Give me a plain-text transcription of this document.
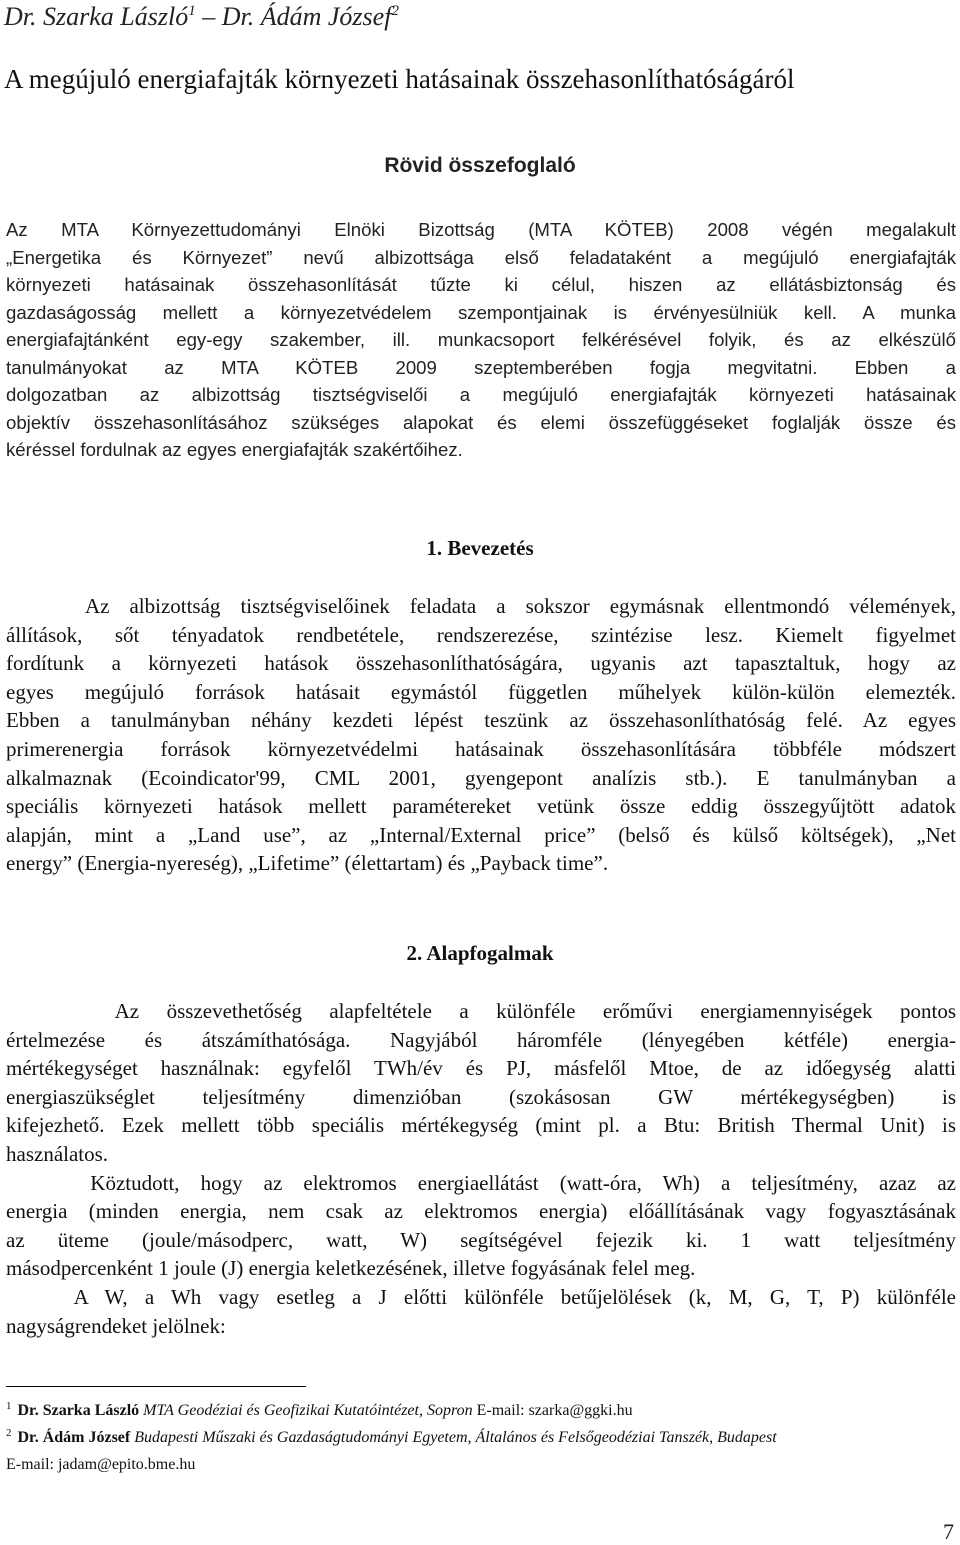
Dr. Szarka László$^1$ – Dr. Ádám József$^2$
A megújuló energiafajták környezeti hatásainak összehasonlíthatóságáról
Rövid összefoglaló
Az MTA Környezettudományi Elnöki Bizottság (MTA KÖTEB) 2008 végén megalakult
„Energetika és Környezet” nevű albizottsága első feladataként a megújuló energiafajták
környezeti hatásainak összehasonlítását tűzte ki célul, hiszen az ellátásbiztonság és
gazdaságosság mellett a környezetvédelem szempontjainak is érvényesülniük kell. A munka
energiafajtánként egy-egy szakember, ill. munkacsoport felkérésével folyik, és az elkészülő
tanulmányokat az MTA KÖTEB 2009 szeptemberében fogja megvitatni. Ebben a
dolgozatban az albizottság tisztségviselői a megújuló energiafajták környezeti hatásainak
objektív összehasonlításához szükséges alapokat és elemi összefüggéseket foglalják össze és
kéréssel fordulnak az egyes energiafajták szakértőihez.
1. Bevezetés
Az albizottság tisztségviselőinek feladata a sokszor egymásnak ellentmondó vélemények,
állítások, sőt tényadatok rendbetétele, rendszerezése, szintézise lesz. Kiemelt figyelmet
fordítunk a környezeti hatások összehasonlíthatóságára, ugyanis azt tapasztaltuk, hogy az
egyes megújuló források hatásait egymástól független műhelyek külön-külön elemezték.
Ebben a tanulmányban néhány kezdeti lépést teszünk az összehasonlíthatóság felé. Az egyes
primerenergia források környezetvédelmi hatásainak összehasonlítására többféle módszert
alkalmaznak (Ecoindicator'99, CML 2001, gyengepont analízis stb.). E tanulmányban a
speciális környezeti hatások mellett paramétereket vetünk össze eddig összegyűjtött adatok
alapján, mint a „Land use”, az „Internal/External price” (belső és külső költségek), „Net
energy” (Energia-nyereség), „Lifetime” (élettartam) és „Payback time”.
2. Alapfogalmak
Az összevethetőség alapfeltétele a különféle erőművi energiamennyiségek pontos
értelmezése és átszámíthatósága. Nagyjából háromféle (lényegében kétféle) energia-
mértékegységet használnak: egyfelől TWh/év és PJ, másfelől Mtoe, de az időegység alatti
energiaszükséglet teljesítmény dimenzióban (szokásosan GW mértékegységben) is
kifejezhető. Ezek mellett több speciális mértékegység (mint pl. a Btu: British Thermal Unit) is
használatos.
Köztudott, hogy az elektromos energiaellátást (watt-óra, Wh) a teljesítmény, azaz az
energia (minden energia, nem csak az elektromos energia) előállításának vagy fogyasztásának
az üteme (joule/másodperc, watt, W) segítségével fejezik ki. 1 watt teljesítmény
másodpercenként 1 joule (J) energia keletkezésének, illetve fogyásának felel meg.
A W, a Wh vagy esetleg a J előtti különféle betűjelölések (k, M, G, T, P) különféle
nagyságrendeket jelölnek:
$^1$ Dr. Szarka László MTA Geodéziai és Geofizikai Kutatóintézet, Sopron E-mail: szarka@ggki.hu
$^2$ Dr. Ádám József Budapesti Műszaki és Gazdaságtudományi Egyetem, Általános és Felsőgeodéziai Tanszék, Budapest
E-mail: jadam@epito.bme.hu
7
